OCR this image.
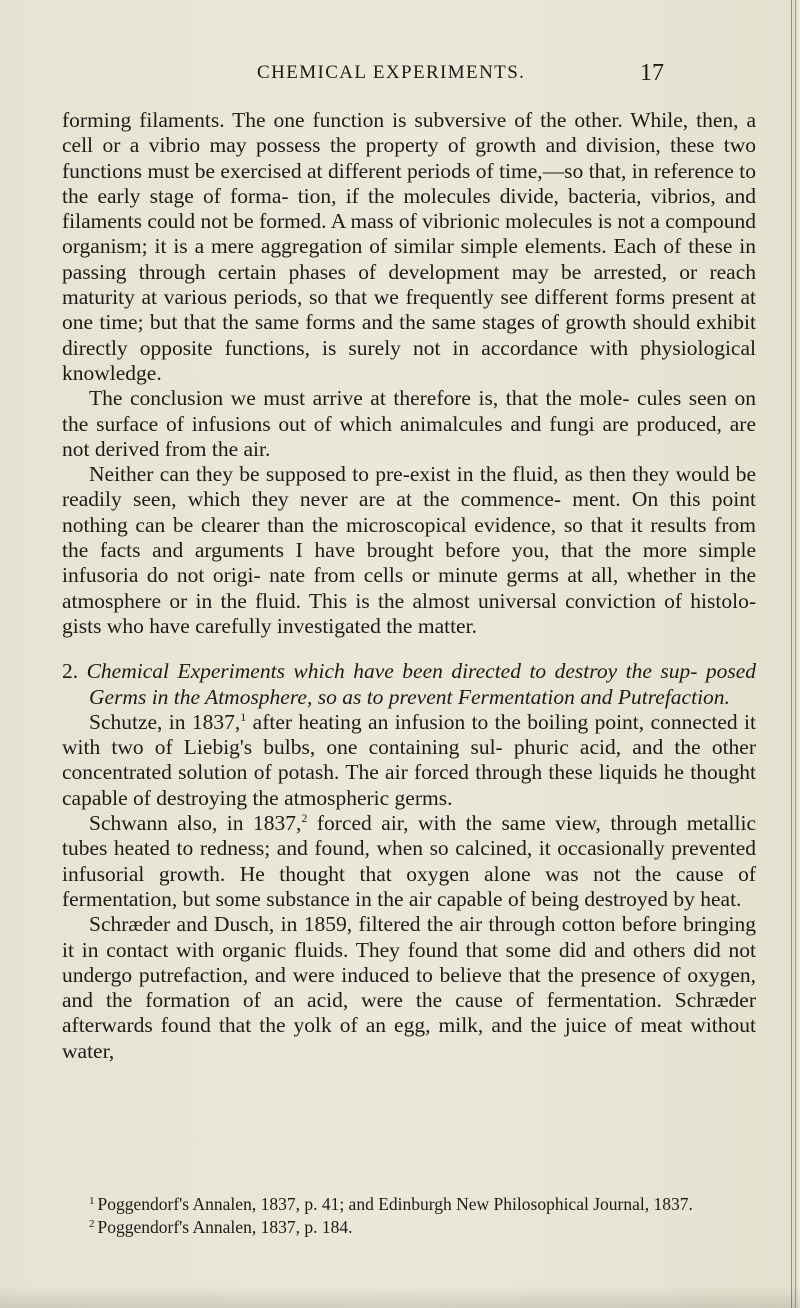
CHEMICAL EXPERIMENTS.	17

forming filaments. The one function is subversive of the other. While, then, a cell or a vibrio may possess the property of growth and division, these two functions must be exercised at different periods of time,—so that, in reference to the early stage of forma- tion, if the molecules divide, bacteria, vibrios, and filaments could not be formed. A mass of vibrionic molecules is not a compound organism; it is a mere aggregation of similar simple elements. Each of these in passing through certain phases of development may be arrested, or reach maturity at various periods, so that we frequently see different forms present at one time; but that the same forms and the same stages of growth should exhibit directly opposite functions, is surely not in accordance with physiological knowledge.

The conclusion we must arrive at therefore is, that the mole- cules seen on the surface of infusions out of which animalcules and fungi are produced, are not derived from the air.

Neither can they be supposed to pre-exist in the fluid, as then they would be readily seen, which they never are at the commence- ment. On this point nothing can be clearer than the microscopical evidence, so that it results from the facts and arguments I have brought before you, that the more simple infusoria do not origi- nate from cells or minute germs at all, whether in the atmosphere or in the fluid. This is the almost universal conviction of histolo- gists who have carefully investigated the matter.

2. Chemical Experiments which have been directed to destroy the sup- posed Germs in the Atmosphere, so as to prevent Fermentation and Putrefaction.

Schutze, in 1837,$^1$ after heating an infusion to the boiling point, connected it with two of Liebig's bulbs, one containing sul- phuric acid, and the other concentrated solution of potash. The air forced through these liquids he thought capable of destroying the atmospheric germs.

Schwann also, in 1837,$^2$ forced air, with the same view, through metallic tubes heated to redness; and found, when so calcined, it occasionally prevented infusorial growth. He thought that oxygen alone was not the cause of fermentation, but some substance in the air capable of being destroyed by heat.

Schræder and Dusch, in 1859, filtered the air through cotton before bringing it in contact with organic fluids. They found that some did and others did not undergo putrefaction, and were induced to believe that the presence of oxygen, and the formation of an acid, were the cause of fermentation. Schræder afterwards found that the yolk of an egg, milk, and the juice of meat without water,

$^1$ Poggendorf's Annalen, 1837, p. 41; and Edinburgh New Philosophical Journal, 1837.

$^2$ Poggendorf's Annalen, 1837, p. 184.
